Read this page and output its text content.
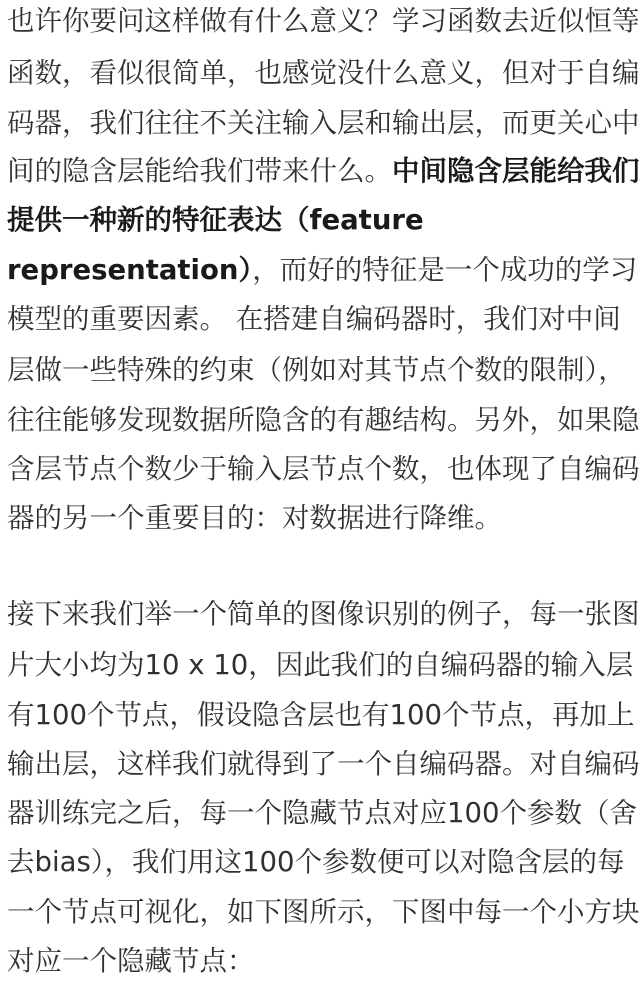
也许你要问这样做有什么意义？学习函数去近似恒等
函数，看似很简单，也感觉没什么意义，但对于自编
码器，我们往往不关注输入层和输出层，而更关心中
间的隐含层能给我们带来什么。中间隐含层能给我们
提供一种新的特征表达（feature
representation），而好的特征是一个成功的学习
模型的重要因素。 在搭建自编码器时，我们对中间
层做一些特殊的约束（例如对其节点个数的限制），
往往能够发现数据所隐含的有趣结构。另外，如果隐
含层节点个数少于输入层节点个数，也体现了自编码
器的另一个重要目的：对数据进行降维。
接下来我们举一个简单的图像识别的例子，每一张图
片大小均为10 x 10，因此我们的自编码器的输入层
有100个节点，假设隐含层也有100个节点，再加上
输出层，这样我们就得到了一个自编码器。对自编码
器训练完之后，每一个隐藏节点对应100个参数（舍
去bias），我们用这100个参数便可以对隐含层的每
一个节点可视化，如下图所示，下图中每一个小方块
对应一个隐藏节点：
